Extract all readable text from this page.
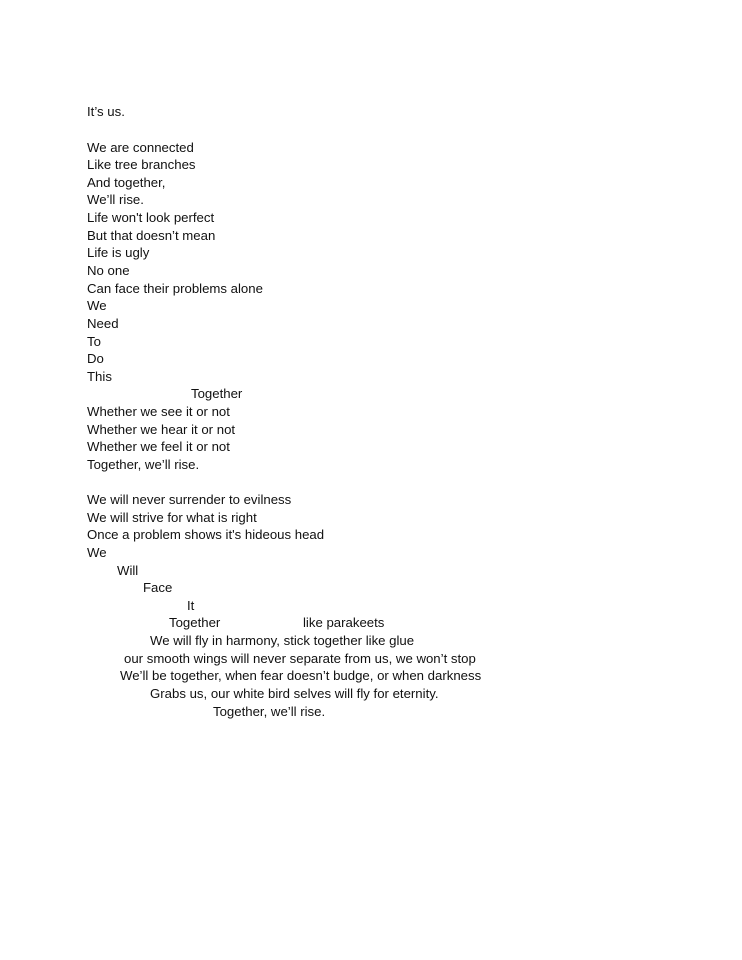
It’s us.
We are connected
Like tree branches
And together,
We’ll rise.
Life won't look perfect
But that doesn’t mean
Life is ugly
No one
Can face their problems alone
We
Need
To
Do
This
Together
Whether we see it or not
Whether we hear it or not
Whether we feel it or not
Together, we’ll rise.
We will never surrender to evilness
We will strive for what is right
Once a problem shows it's hideous head
We
Will
Face
It
Together	like parakeets
We will fly in harmony, stick together like glue
our smooth wings will never separate from us, we won’t stop
We’ll be together, when fear doesn’t budge, or when darkness
Grabs us, our white bird selves will fly for eternity.
Together, we’ll rise.
